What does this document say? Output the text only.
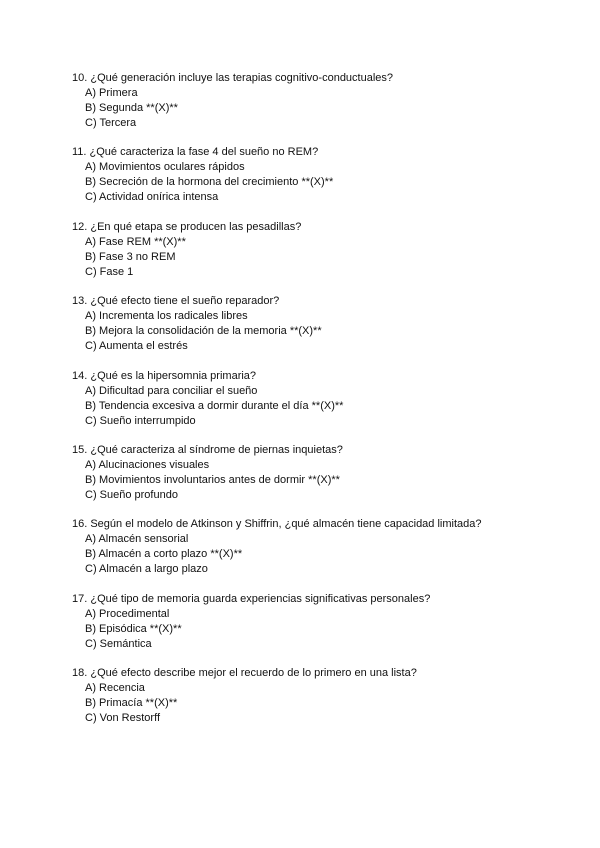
10. ¿Qué generación incluye las terapias cognitivo-conductuales?
A) Primera
B) Segunda **(X)**
C) Tercera
11. ¿Qué caracteriza la fase 4 del sueño no REM?
A) Movimientos oculares rápidos
B) Secreción de la hormona del crecimiento **(X)**
C) Actividad onírica intensa
12. ¿En qué etapa se producen las pesadillas?
A) Fase REM **(X)**
B) Fase 3 no REM
C) Fase 1
13. ¿Qué efecto tiene el sueño reparador?
A) Incrementa los radicales libres
B) Mejora la consolidación de la memoria **(X)**
C) Aumenta el estrés
14. ¿Qué es la hipersomnia primaria?
A) Dificultad para conciliar el sueño
B) Tendencia excesiva a dormir durante el día **(X)**
C) Sueño interrumpido
15. ¿Qué caracteriza al síndrome de piernas inquietas?
A) Alucinaciones visuales
B) Movimientos involuntarios antes de dormir **(X)**
C) Sueño profundo
16. Según el modelo de Atkinson y Shiffrin, ¿qué almacén tiene capacidad limitada?
A) Almacén sensorial
B) Almacén a corto plazo **(X)**
C) Almacén a largo plazo
17. ¿Qué tipo de memoria guarda experiencias significativas personales?
A) Procedimental
B) Episódica **(X)**
C) Semántica
18. ¿Qué efecto describe mejor el recuerdo de lo primero en una lista?
A) Recencia
B) Primacía **(X)**
C) Von Restorff
